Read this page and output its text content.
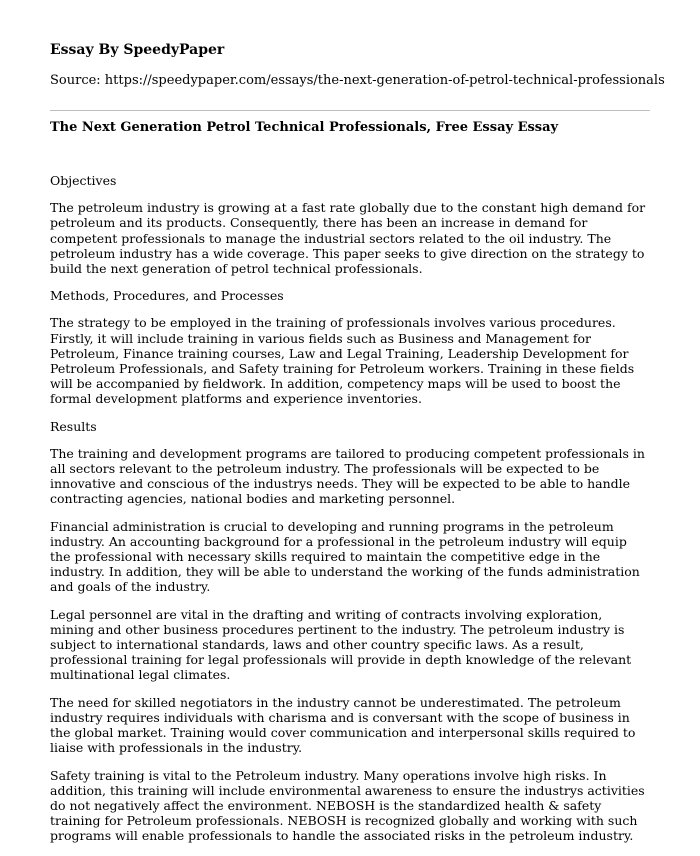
Essay By SpeedyPaper
Source: https://speedypaper.com/essays/the-next-generation-of-petrol-technical-professionals
The Next Generation Petrol Technical Professionals, Free Essay Essay

Objectives

The petroleum industry is growing at a fast rate globally due to the constant high demand for petroleum and its products. Consequently, there has been an increase in demand for competent professionals to manage the industrial sectors related to the oil industry. The petroleum industry has a wide coverage. This paper seeks to give direction on the strategy to build the next generation of petrol technical professionals.

Methods, Procedures, and Processes

The strategy to be employed in the training of professionals involves various procedures. Firstly, it will include training in various fields such as Business and Management for Petroleum, Finance training courses, Law and Legal Training, Leadership Development for Petroleum Professionals, and Safety training for Petroleum workers. Training in these fields will be accompanied by fieldwork. In addition, competency maps will be used to boost the formal development platforms and experience inventories.

Results

The training and development programs are tailored to producing competent professionals in all sectors relevant to the petroleum industry. The professionals will be expected to be innovative and conscious of the industrys needs. They will be expected to be able to handle contracting agencies, national bodies and marketing personnel.

Financial administration is crucial to developing and running programs in the petroleum industry. An accounting background for a professional in the petroleum industry will equip the professional with necessary skills required to maintain the competitive edge in the industry. In addition, they will be able to understand the working of the funds administration and goals of the industry.

Legal personnel are vital in the drafting and writing of contracts involving exploration, mining and other business procedures pertinent to the industry. The petroleum industry is subject to international standards, laws and other country specific laws. As a result, professional training for legal professionals will provide in depth knowledge of the relevant multinational legal climates.

The need for skilled negotiators in the industry cannot be underestimated. The petroleum industry requires individuals with charisma and is conversant with the scope of business in the global market. Training would cover communication and interpersonal skills required to liaise with professionals in the industry.

Safety training is vital to the Petroleum industry. Many operations involve high risks. In addition, this training will include environmental awareness to ensure the industrys activities do not negatively affect the environment. NEBOSH is the standardized health & safety training for Petroleum professionals. NEBOSH is recognized globally and working with such programs will enable professionals to handle the associated risks in the petroleum industry.
